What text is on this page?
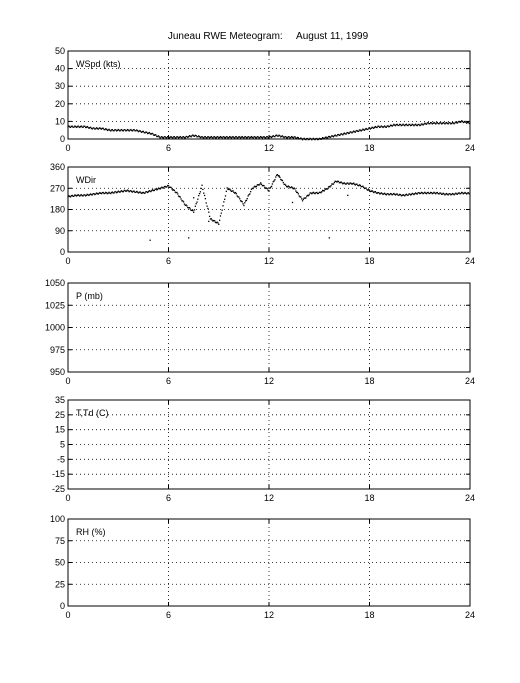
Juneau RWE Meteogram:     August 11, 1999
0
10
20
30
40
50
0	6	12	18	24
WSpd (kts)
0
90
180
270
360
0	6	12	18	24
WDir
950
975
1000
1025
1050
0	6	12	18	24
P (mb)
-25
-15
-5
5
15
25
35
0	6	12	18	24
T,Td (C)
0
25
50
75
100
0	6	12	18	24
RH (%)
